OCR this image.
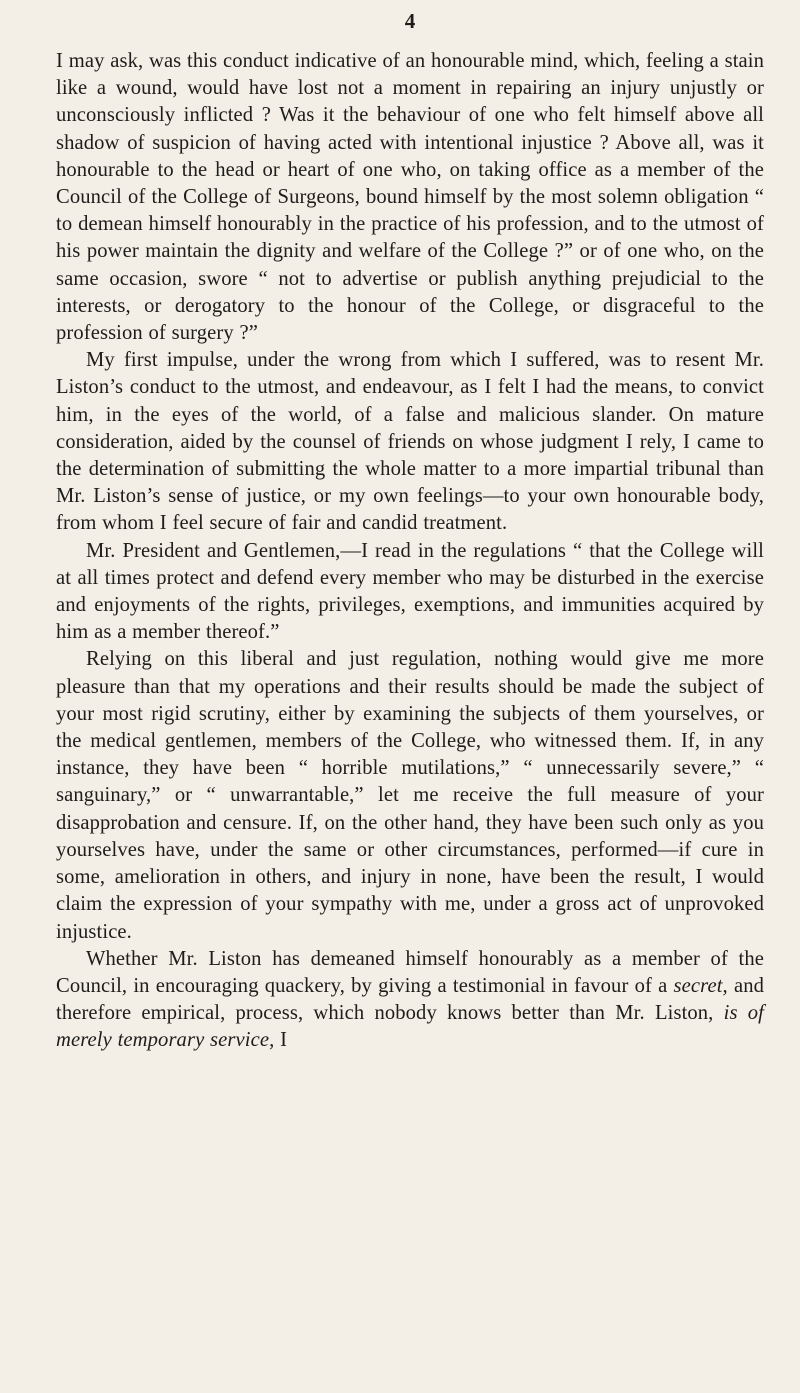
4

I may ask, was this conduct indicative of an honourable mind, which, feeling a stain like a wound, would have lost not a moment in repairing an injury unjustly or unconsciously inflicted ? Was it the behaviour of one who felt himself above all shadow of suspicion of having acted with intentional injustice ? Above all, was it honourable to the head or heart of one who, on taking office as a member of the Council of the College of Surgeons, bound himself by the most solemn obligation “ to demean himself honourably in the practice of his profession, and to the utmost of his power maintain the dignity and welfare of the College ?” or of one who, on the same occasion, swore “ not to advertise or publish anything prejudicial to the interests, or derogatory to the honour of the College, or disgraceful to the profession of surgery ?”

My first impulse, under the wrong from which I suffered, was to resent Mr. Liston’s conduct to the utmost, and endeavour, as I felt I had the means, to convict him, in the eyes of the world, of a false and malicious slander. On mature consideration, aided by the counsel of friends on whose judgment I rely, I came to the determination of submitting the whole matter to a more impartial tribunal than Mr. Liston’s sense of justice, or my own feelings—to your own honourable body, from whom I feel secure of fair and candid treatment.

Mr. President and Gentlemen,—I read in the regulations “ that the College will at all times protect and defend every member who may be disturbed in the exercise and enjoyments of the rights, privileges, exemptions, and immunities acquired by him as a member thereof.”

Relying on this liberal and just regulation, nothing would give me more pleasure than that my operations and their results should be made the subject of your most rigid scrutiny, either by examining the subjects of them yourselves, or the medical gentlemen, members of the College, who witnessed them. If, in any instance, they have been “ horrible mutilations,” “ unnecessarily severe,” “ sanguinary,” or “ unwarrantable,” let me receive the full measure of your disapprobation and censure. If, on the other hand, they have been such only as you yourselves have, under the same or other circumstances, performed—if cure in some, amelioration in others, and injury in none, have been the result, I would claim the expression of your sympathy with me, under a gross act of unprovoked injustice.

Whether Mr. Liston has demeaned himself honourably as a member of the Council, in encouraging quackery, by giving a testimonial in favour of a secret, and therefore empirical, process, which nobody knows better than Mr. Liston, is of merely temporary service, I
